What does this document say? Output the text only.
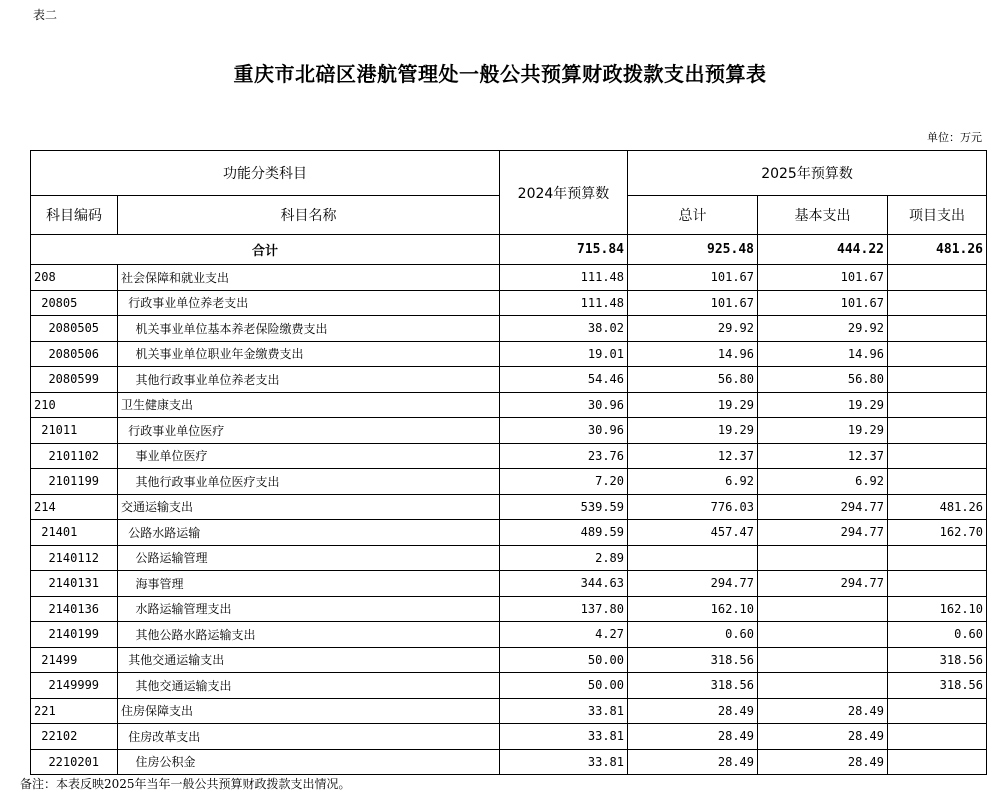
表二
重庆市北碚区港航管理处一般公共预算财政拨款支出预算表
单位：万元
功能分类科目		2024年预算数	2025年预算数		
科目编码	科目名称		总计	基本支出	项目支出
合计		715.84	925.48	444.22	481.26
208	社会保障和就业支出	111.48	101.67	101.67	
20805	行政事业单位养老支出	111.48	101.67	101.67	
2080505	机关事业单位基本养老保险缴费支出	38.02	29.92	29.92	
2080506	机关事业单位职业年金缴费支出	19.01	14.96	14.96	
2080599	其他行政事业单位养老支出	54.46	56.80	56.80	
210	卫生健康支出	30.96	19.29	19.29	
21011	行政事业单位医疗	30.96	19.29	19.29	
2101102	事业单位医疗	23.76	12.37	12.37	
2101199	其他行政事业单位医疗支出	7.20	6.92	6.92	
214	交通运输支出	539.59	776.03	294.77	481.26
21401	公路水路运输	489.59	457.47	294.77	162.70
2140112	公路运输管理	2.89			
2140131	海事管理	344.63	294.77	294.77	
2140136	水路运输管理支出	137.80	162.10		162.10
2140199	其他公路水路运输支出	4.27	0.60		0.60
21499	其他交通运输支出	50.00	318.56		318.56
2149999	其他交通运输支出	50.00	318.56		318.56
221	住房保障支出	33.81	28.49	28.49	
22102	住房改革支出	33.81	28.49	28.49	
2210201	住房公积金	33.81	28.49	28.49	
备注：本表反映2025年当年一般公共预算财政拨款支出情况。
